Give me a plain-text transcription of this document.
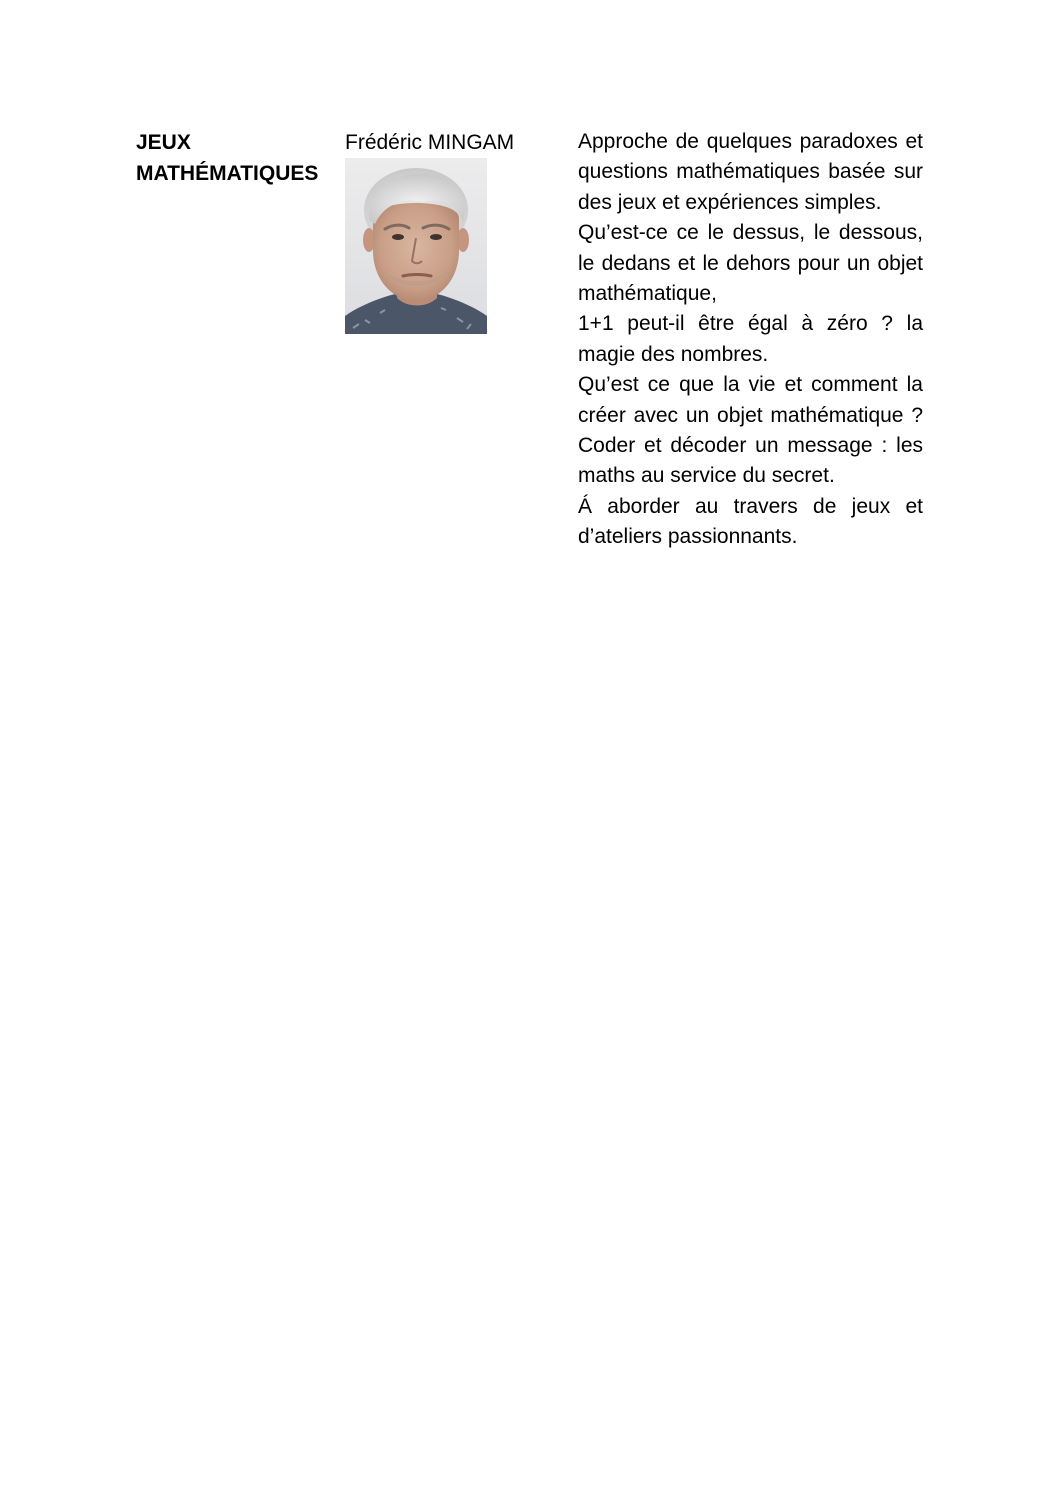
JEUX
MATHÉMATIQUES
Frédéric MINGAM	Approche de quelques paradoxes et questions mathématiques basée sur des jeux et expériences simples.

Qu’est-ce ce le dessus, le dessous, le dedans et le dehors pour un objet mathématique,

1+1 peut-il être égal à zéro ? la magie des nombres.

Qu’est ce que la vie et comment la créer avec un objet mathématique ? Coder et décoder un message : les maths au service du secret.

Á aborder au travers de jeux et d’ateliers passionnants.
